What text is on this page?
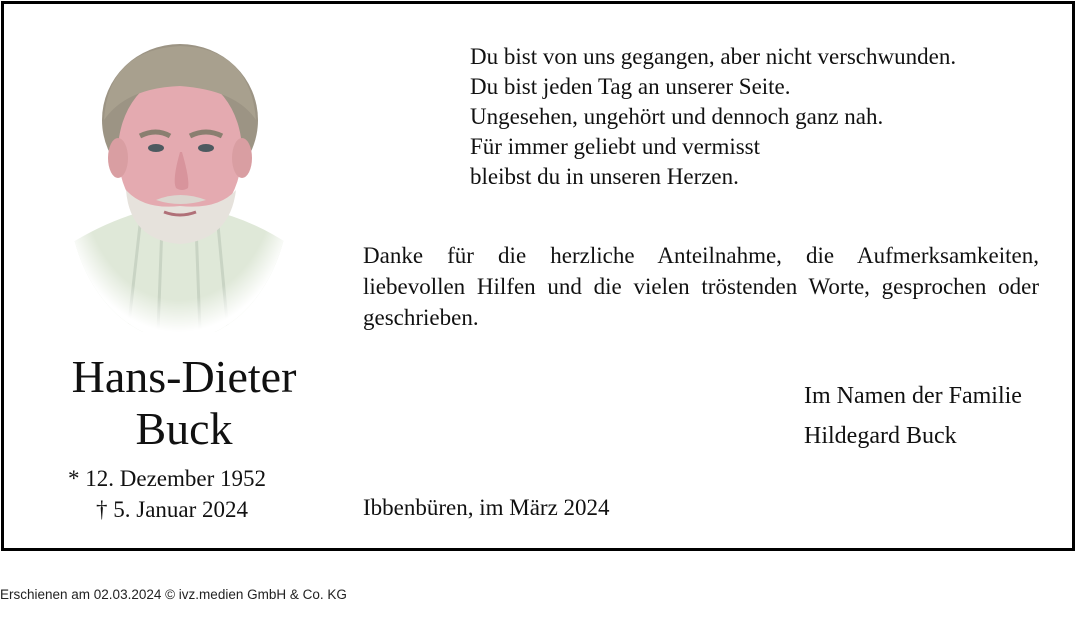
Hans-Dieter
Buck
* 12. Dezember 1952
† 5. Januar 2024
Du bist von uns gegangen, aber nicht verschwunden.
Du bist jeden Tag an unserer Seite.
Ungesehen, ungehört und dennoch ganz nah.
Für immer geliebt und vermisst
bleibst du in unseren Herzen.
Danke für die herzliche Anteilnahme, die Aufmerksamkeiten, liebevollen Hilfen und die vielen tröstenden Worte, gesprochen oder geschrieben.
Im Namen der Familie
Hildegard Buck
Ibbenbüren, im März 2024
Erschienen am 02.03.2024 © ivz.medien GmbH & Co. KG
